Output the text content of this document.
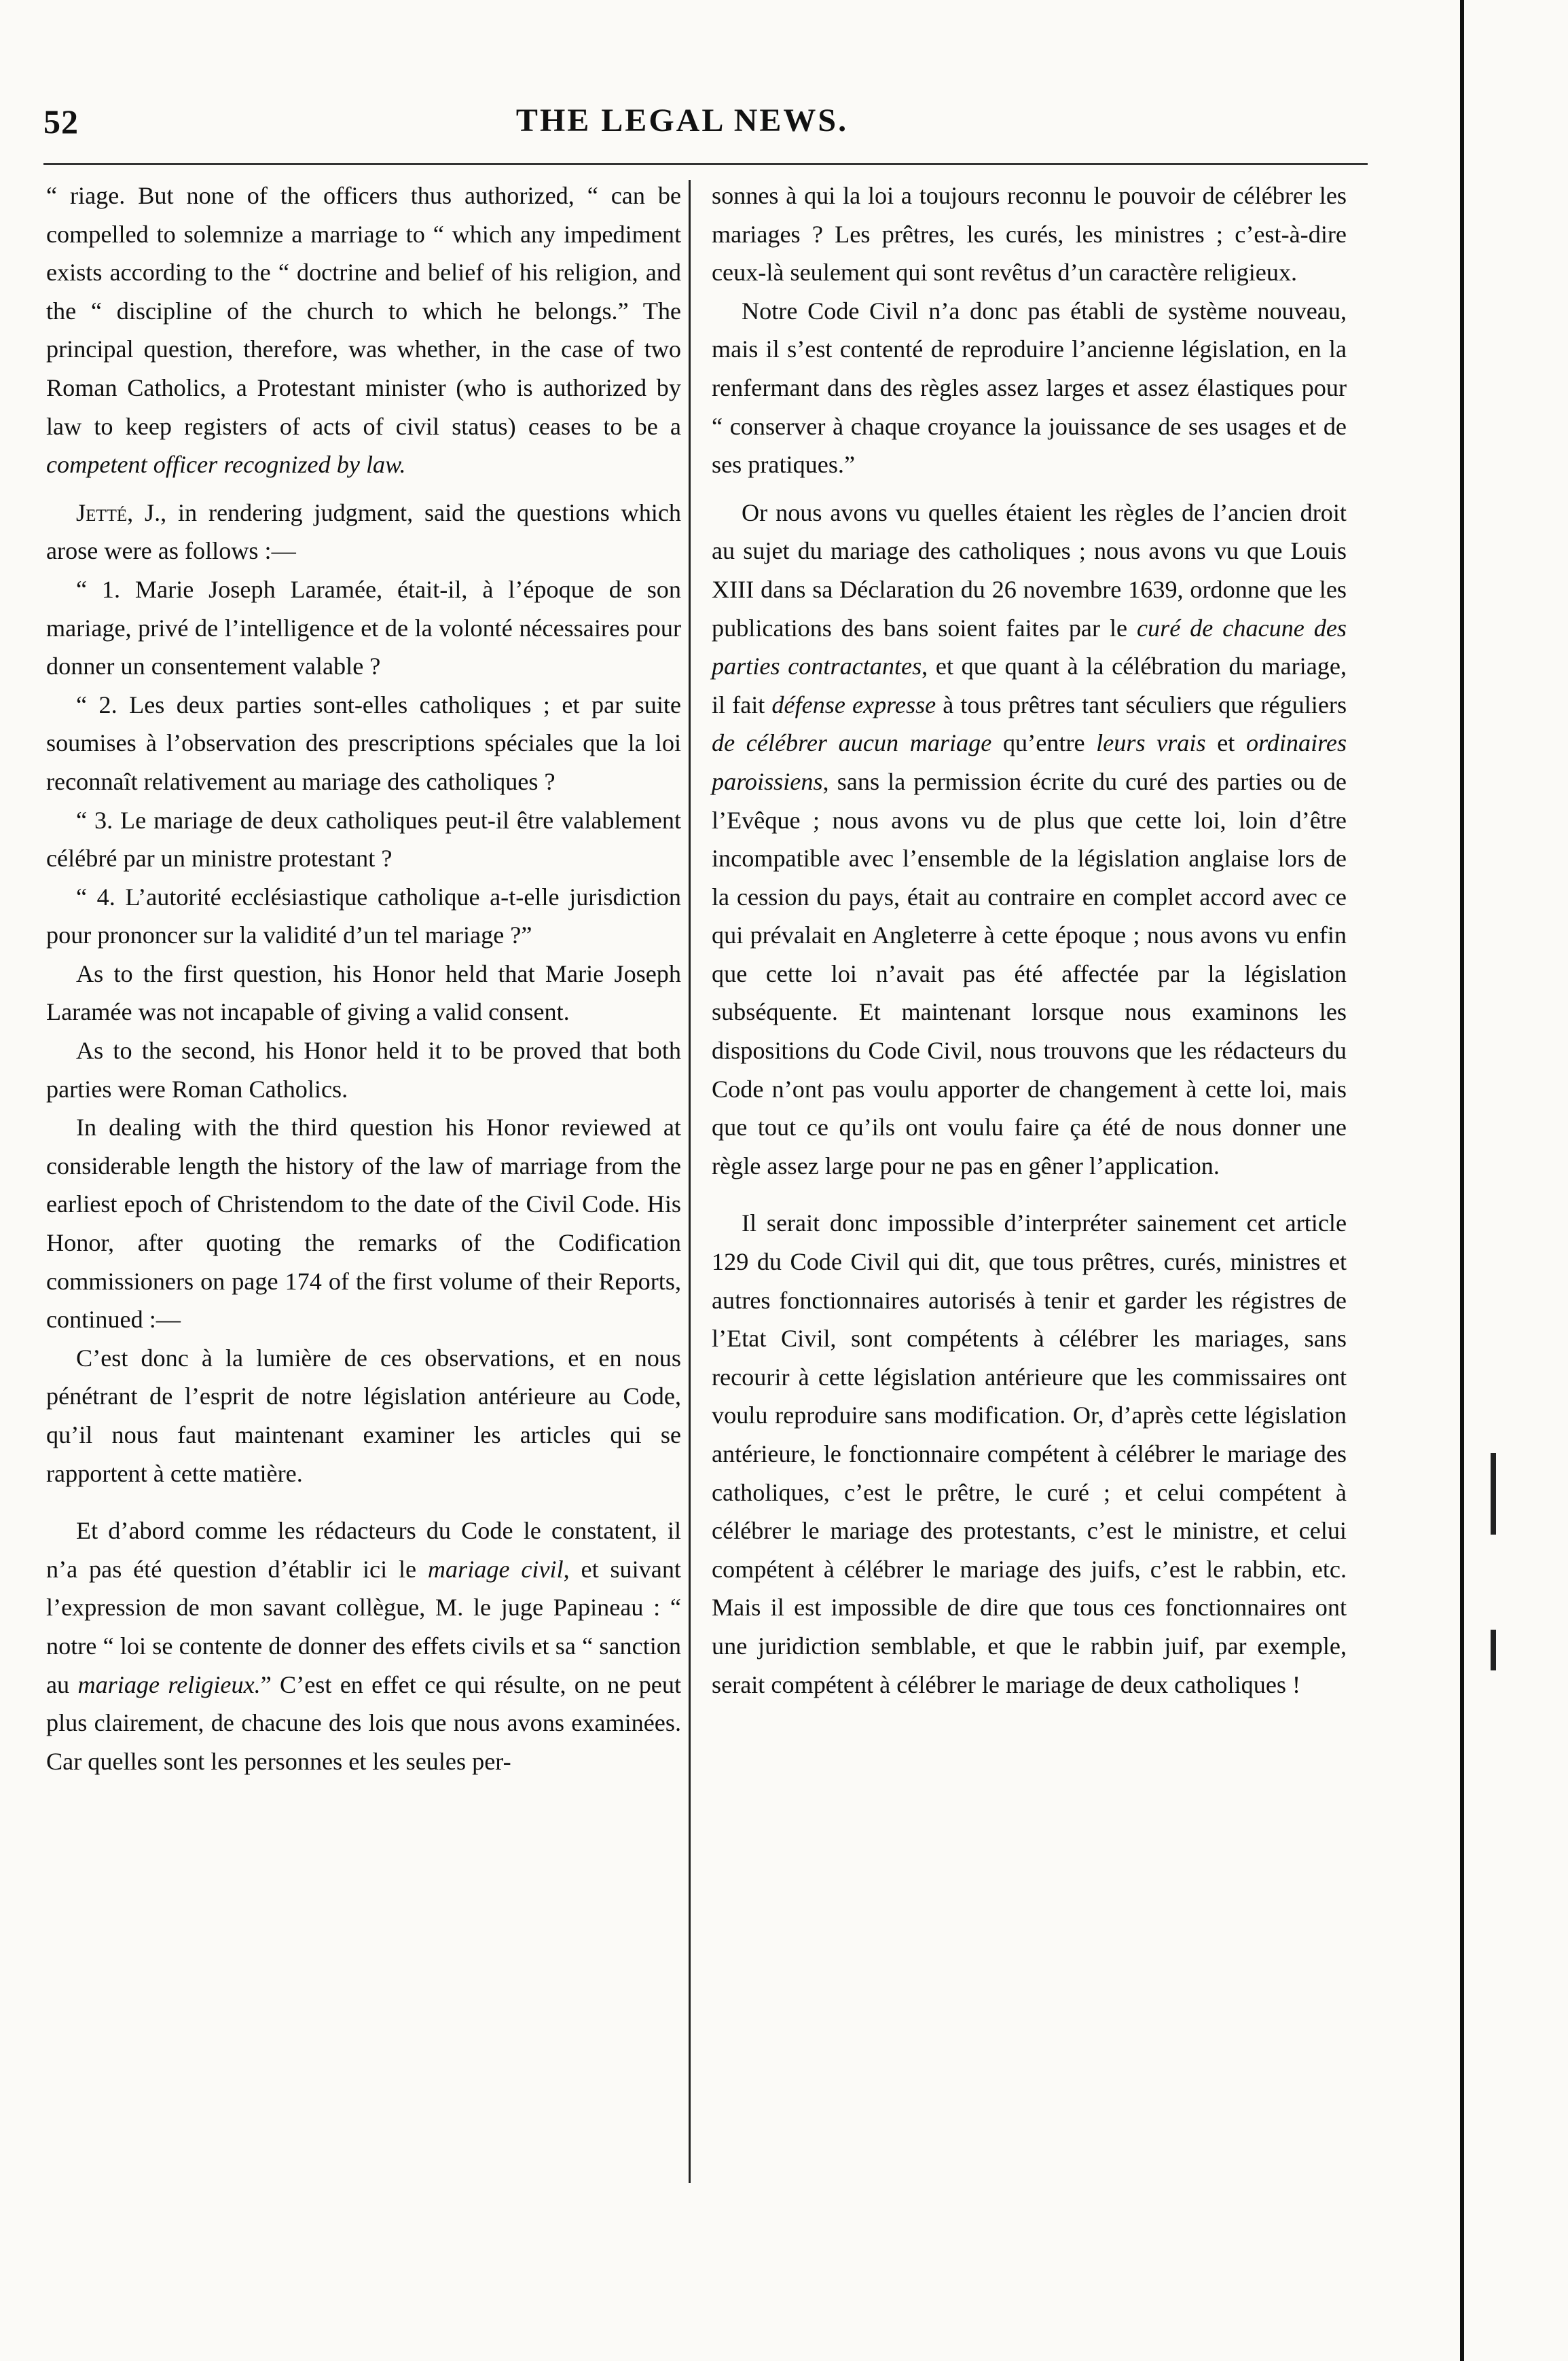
52	THE LEGAL NEWS.

“ riage. But none of the officers thus authorized, “ can be compelled to solemnize a marriage to “ which any impediment exists according to the “ doctrine and belief of his religion, and the “ discipline of the church to which he belongs.” The principal question, therefore, was whether, in the case of two Roman Catholics, a Protestant minister (who is authorized by law to keep registers of acts of civil status) ceases to be a competent officer recognized by law.

Jetté, J., in rendering judgment, said the questions which arose were as follows :—

“ 1. Marie Joseph Laramée, était-il, à l’époque de son mariage, privé de l’intelligence et de la volonté nécessaires pour donner un consentement valable ?

“ 2. Les deux parties sont-elles catholiques ; et par suite soumises à l’observation des prescriptions spéciales que la loi reconnaît relativement au mariage des catholiques ?

“ 3. Le mariage de deux catholiques peut-il être valablement célébré par un ministre protestant ?

“ 4. L’autorité ecclésiastique catholique a-t-elle jurisdiction pour prononcer sur la validité d’un tel mariage ?”

As to the first question, his Honor held that Marie Joseph Laramée was not incapable of giving a valid consent.

As to the second, his Honor held it to be proved that both parties were Roman Catholics.

In dealing with the third question his Honor reviewed at considerable length the history of the law of marriage from the earliest epoch of Christendom to the date of the Civil Code. His Honor, after quoting the remarks of the Codification commissioners on page 174 of the first volume of their Reports, continued :—

C’est donc à la lumière de ces observations, et en nous pénétrant de l’esprit de notre législation antérieure au Code, qu’il nous faut maintenant examiner les articles qui se rapportent à cette matière.

Et d’abord comme les rédacteurs du Code le constatent, il n’a pas été question d’établir ici le mariage civil, et suivant l’expression de mon savant collègue, M. le juge Papineau : “ notre “ loi se contente de donner des effets civils et sa “ sanction au mariage religieux.” C’est en effet ce qui résulte, on ne peut plus clairement, de chacune des lois que nous avons examinées. Car quelles sont les personnes et les seules per-

sonnes à qui la loi a toujours reconnu le pouvoir de célébrer les mariages ? Les prêtres, les curés, les ministres ; c’est-à-dire ceux-là seulement qui sont revêtus d’un caractère religieux.

Notre Code Civil n’a donc pas établi de système nouveau, mais il s’est contenté de reproduire l’ancienne législation, en la renfermant dans des règles assez larges et assez élastiques pour “ conserver à chaque croyance la jouissance de ses usages et de ses pratiques.”

Or nous avons vu quelles étaient les règles de l’ancien droit au sujet du mariage des catholiques ; nous avons vu que Louis XIII dans sa Déclaration du 26 novembre 1639, ordonne que les publications des bans soient faites par le curé de chacune des parties contractantes, et que quant à la célébration du mariage, il fait défense expresse à tous prêtres tant séculiers que réguliers de célébrer aucun mariage qu’entre leurs vrais et ordinaires paroissiens, sans la permission écrite du curé des parties ou de l’Evêque ; nous avons vu de plus que cette loi, loin d’être incompatible avec l’ensemble de la législation anglaise lors de la cession du pays, était au contraire en complet accord avec ce qui prévalait en Angleterre à cette époque ; nous avons vu enfin que cette loi n’avait pas été affectée par la législation subséquente. Et maintenant lorsque nous examinons les dispositions du Code Civil, nous trouvons que les rédacteurs du Code n’ont pas voulu apporter de changement à cette loi, mais que tout ce qu’ils ont voulu faire ça été de nous donner une règle assez large pour ne pas en gêner l’application.

Il serait donc impossible d’interpréter sainement cet article 129 du Code Civil qui dit, que tous prêtres, curés, ministres et autres fonctionnaires autorisés à tenir et garder les régistres de l’Etat Civil, sont compétents à célébrer les mariages, sans recourir à cette législation antérieure que les commissaires ont voulu reproduire sans modification. Or, d’après cette législation antérieure, le fonctionnaire compétent à célébrer le mariage des catholiques, c’est le prêtre, le curé ; et celui compétent à célébrer le mariage des protestants, c’est le ministre, et celui compétent à célébrer le mariage des juifs, c’est le rabbin, etc. Mais il est impossible de dire que tous ces fonctionnaires ont une juridiction semblable, et que le rabbin juif, par exemple, serait compétent à célébrer le mariage de deux catholiques !
